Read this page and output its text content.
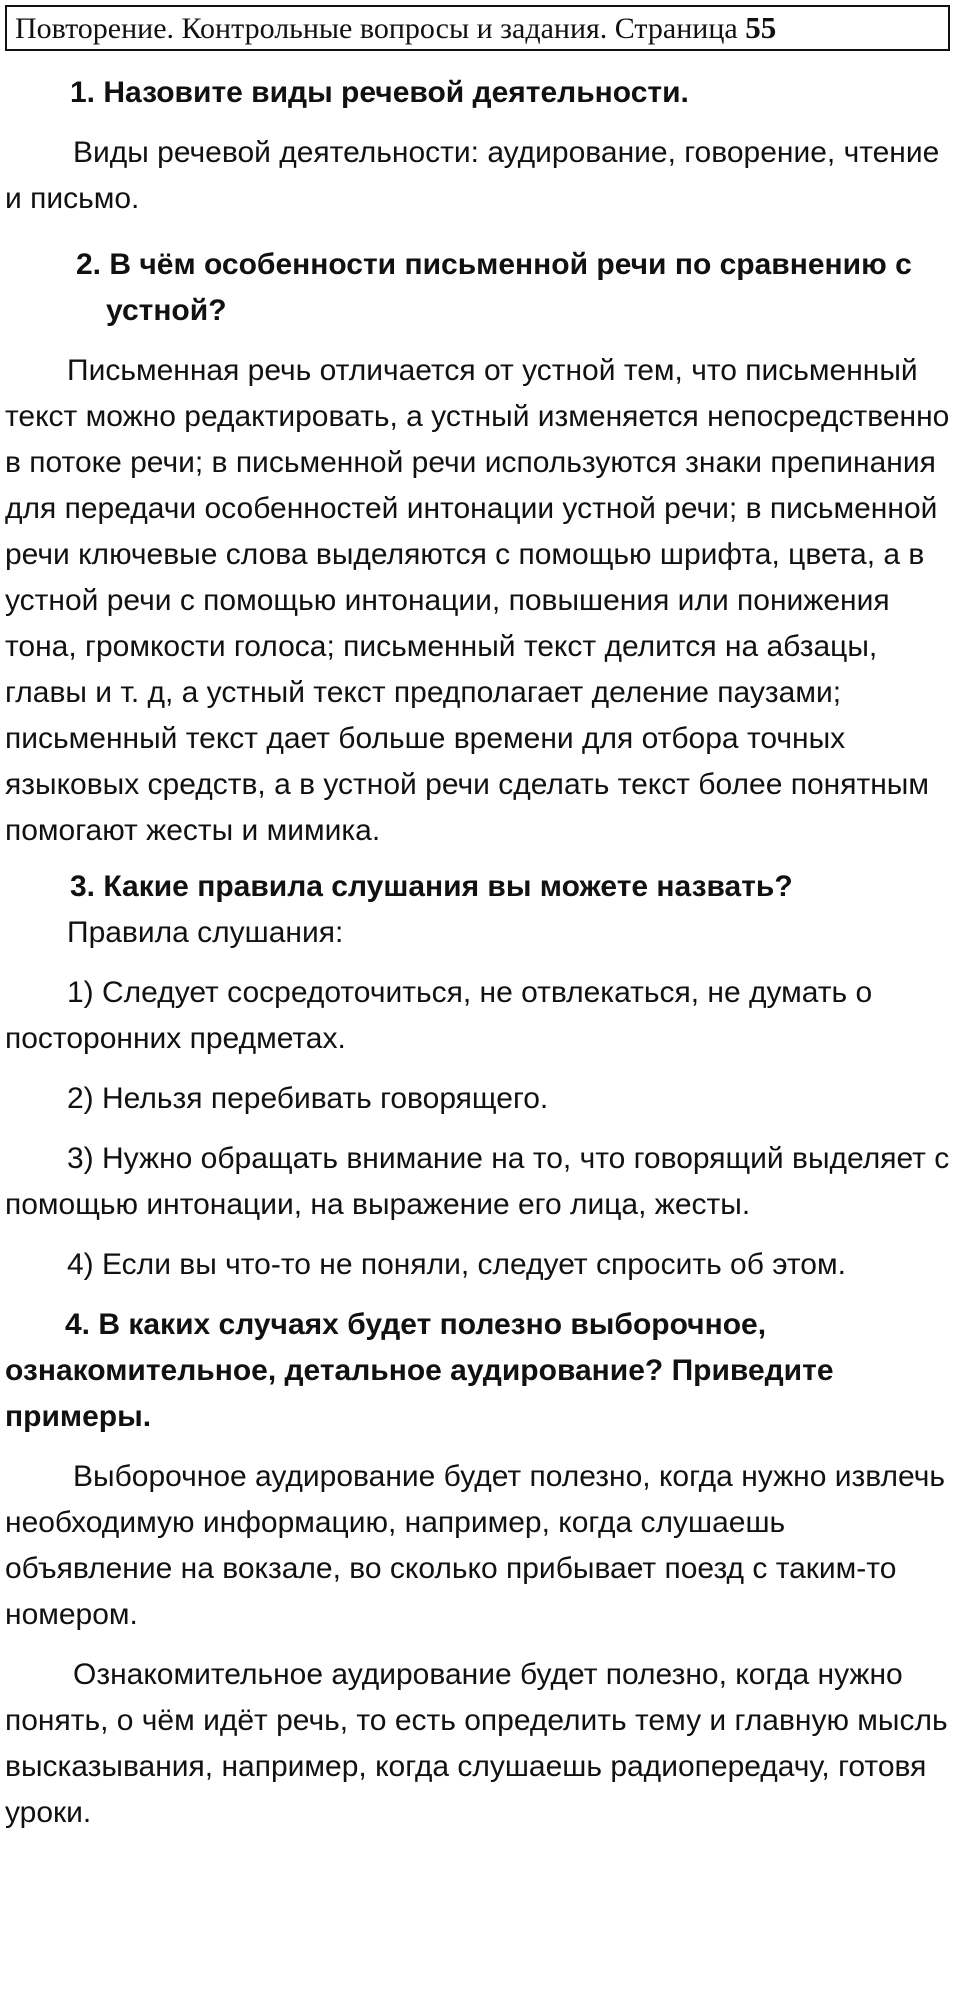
Повторение. Контрольные вопросы и задания. Страница 55

1. Назовите виды речевой деятельности.

Виды речевой деятельности: аудирование, говорение, чтение и письмо.

2. В чём особенности письменной речи по сравнению с устной?

Письменная речь отличается от устной тем, что письменный текст можно редактировать, а устный изменяется непосредственно в потоке речи; в письменной речи используются знаки препинания для передачи особенностей интонации устной речи; в письменной речи ключевые слова выделяются с помощью шрифта, цвета, а в устной речи с помощью интонации, повышения или понижения тона, громкости голоса; письменный текст делится на абзацы, главы и т. д, а устный текст предполагает деление паузами; письменный текст дает больше времени для отбора точных языковых средств, а в устной речи сделать текст более понятным помогают жесты и мимика.

3. Какие правила слушания вы можете назвать?

Правила слушания:

1) Следует сосредоточиться, не отвлекаться, не думать о посторонних предметах.

2) Нельзя перебивать говорящего.

3) Нужно обращать внимание на то, что говорящий выделяет с помощью интонации, на выражение его лица, жесты.

4) Если вы что-то не поняли, следует спросить об этом.

4. В каких случаях будет полезно выборочное, ознакомительное, детальное аудирование? Приведите примеры.

Выборочное аудирование будет полезно, когда нужно извлечь необходимую информацию, например, когда слушаешь объявление на вокзале, во сколько прибывает поезд с таким-то номером.

Ознакомительное аудирование будет полезно, когда нужно понять, о чём идёт речь, то есть определить тему и главную мысль высказывания, например, когда слушаешь радиопередачу, готовя уроки.
